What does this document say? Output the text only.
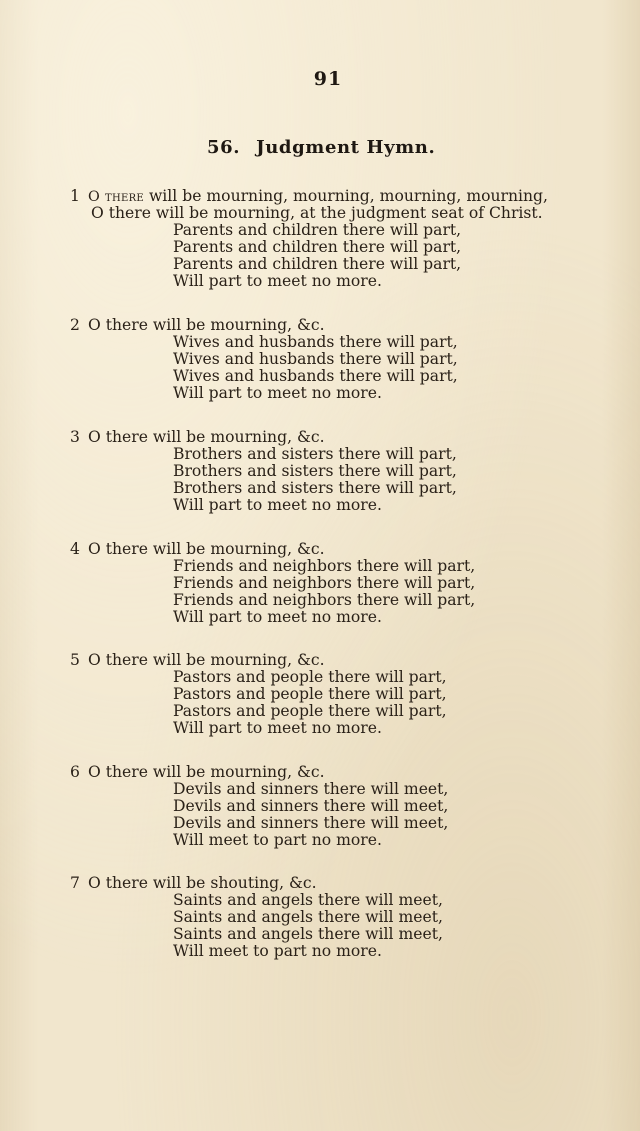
91
56. Judgment Hymn.
1 O there will be mourning, mourning, mourning, mourning,
O there will be mourning, at the judgment seat of Christ.
Parents and children there will part,
Parents and children there will part,
Parents and children there will part,
Will part to meet no more.
2 O there will be mourning, &c.
Wives and husbands there will part,
Wives and husbands there will part,
Wives and husbands there will part,
Will part to meet no more.
3 O there will be mourning, &c.
Brothers and sisters there will part,
Brothers and sisters there will part,
Brothers and sisters there will part,
Will part to meet no more.
4 O there will be mourning, &c.
Friends and neighbors there will part,
Friends and neighbors there will part,
Friends and neighbors there will part,
Will part to meet no more.
5 O there will be mourning, &c.
Pastors and people there will part,
Pastors and people there will part,
Pastors and people there will part,
Will part to meet no more.
6 O there will be mourning, &c.
Devils and sinners there will meet,
Devils and sinners there will meet,
Devils and sinners there will meet,
Will meet to part no more.
7 O there will be shouting, &c.
Saints and angels there will meet,
Saints and angels there will meet,
Saints and angels there will meet,
Will meet to part no more.
